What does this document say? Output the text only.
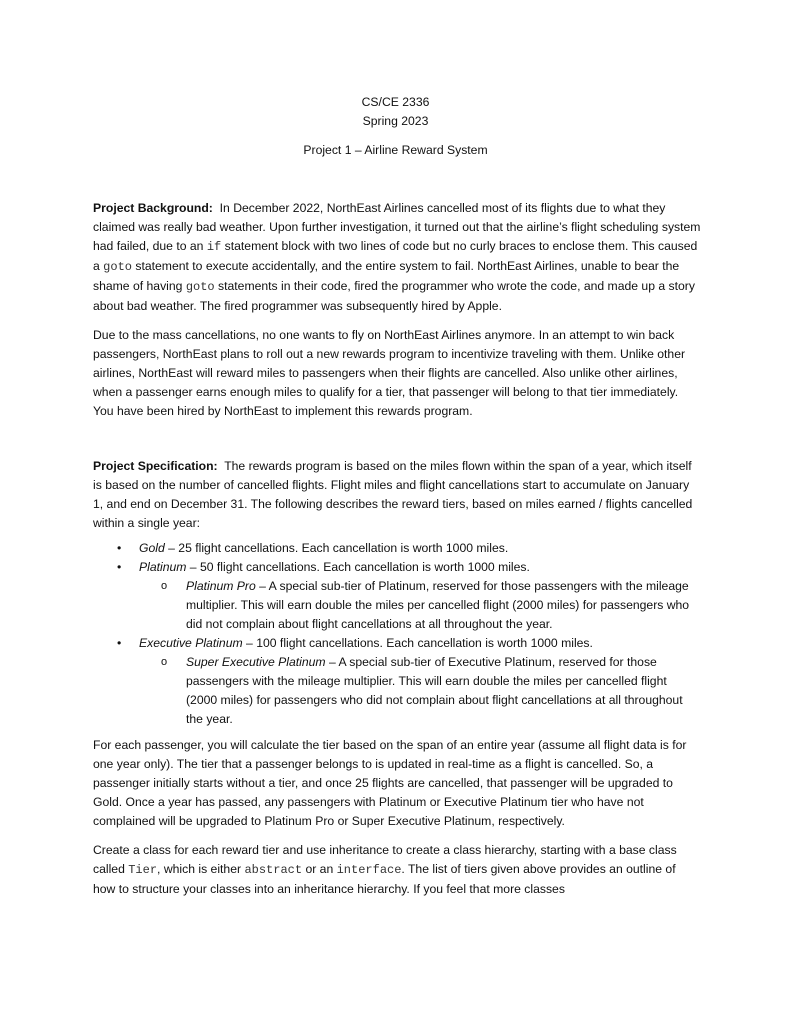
CS/CE 2336
Spring 2023
Project 1 – Airline Reward System

Project Background: In December 2022, NorthEast Airlines cancelled most of its flights due to what they claimed was really bad weather. Upon further investigation, it turned out that the airline’s flight scheduling system had failed, due to an if statement block with two lines of code but no curly braces to enclose them. This caused a goto statement to execute accidentally, and the entire system to fail. NorthEast Airlines, unable to bear the shame of having goto statements in their code, fired the programmer who wrote the code, and made up a story about bad weather. The fired programmer was subsequently hired by Apple.

Due to the mass cancellations, no one wants to fly on NorthEast Airlines anymore. In an attempt to win back passengers, NorthEast plans to roll out a new rewards program to incentivize traveling with them. Unlike other airlines, NorthEast will reward miles to passengers when their flights are cancelled. Also unlike other airlines, when a passenger earns enough miles to qualify for a tier, that passenger will belong to that tier immediately. You have been hired by NorthEast to implement this rewards program.

Project Specification: The rewards program is based on the miles flown within the span of a year, which itself is based on the number of cancelled flights. Flight miles and flight cancellations start to accumulate on January 1, and end on December 31. The following describes the reward tiers, based on miles earned / flights cancelled within a single year:

• Gold – 25 flight cancellations. Each cancellation is worth 1000 miles.
• Platinum – 50 flight cancellations. Each cancellation is worth 1000 miles.
o Platinum Pro – A special sub-tier of Platinum, reserved for those passengers with the mileage multiplier. This will earn double the miles per cancelled flight (2000 miles) for passengers who did not complain about flight cancellations at all throughout the year.
• Executive Platinum – 100 flight cancellations. Each cancellation is worth 1000 miles.
o Super Executive Platinum – A special sub-tier of Executive Platinum, reserved for those passengers with the mileage multiplier. This will earn double the miles per cancelled flight (2000 miles) for passengers who did not complain about flight cancellations at all throughout the year.

For each passenger, you will calculate the tier based on the span of an entire year (assume all flight data is for one year only). The tier that a passenger belongs to is updated in real-time as a flight is cancelled. So, a passenger initially starts without a tier, and once 25 flights are cancelled, that passenger will be upgraded to Gold. Once a year has passed, any passengers with Platinum or Executive Platinum tier who have not complained will be upgraded to Platinum Pro or Super Executive Platinum, respectively.

Create a class for each reward tier and use inheritance to create a class hierarchy, starting with a base class called Tier, which is either abstract or an interface. The list of tiers given above provides an outline of how to structure your classes into an inheritance hierarchy. If you feel that more classes
